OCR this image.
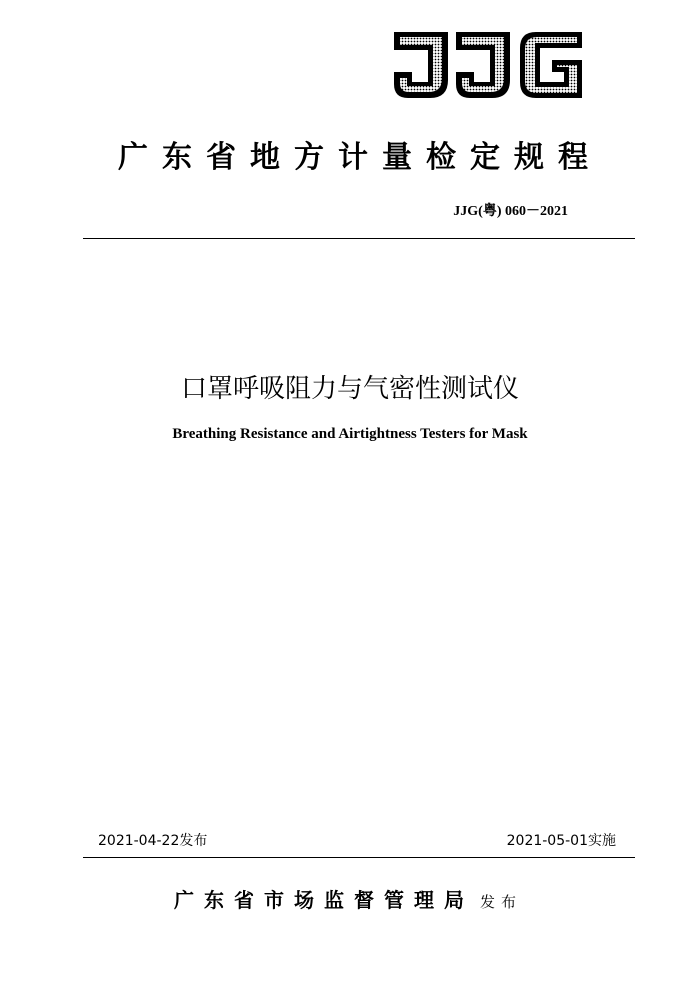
广东省地方计量检定规程
JJG(粤) 060－2021
口罩呼吸阻力与气密性测试仪
Breathing Resistance and Airtightness Testers for Mask
2021-04-22发布	2021-05-01实施
广东省市场监督管理局 发布
